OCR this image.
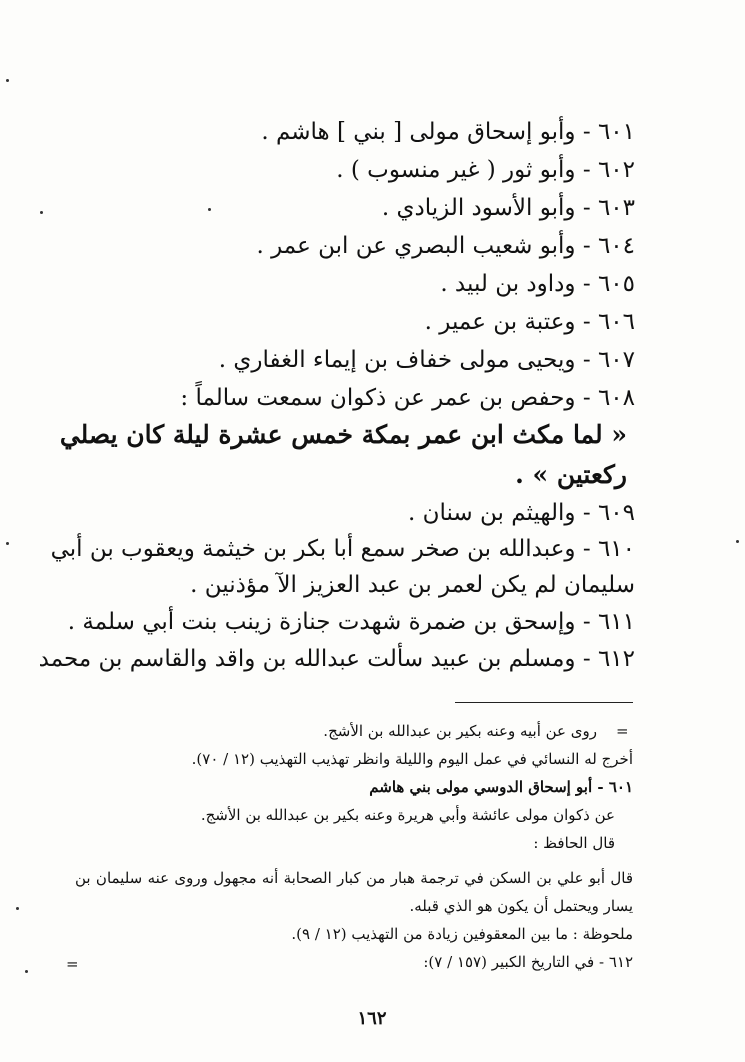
٦٠١ - وأبو إسحاق مولى [ بني ] هاشم .
٦٠٢ - وأبو ثور ( غير منسوب ) .
٦٠٣ - وأبو الأسود الزيادي .
٦٠٤ - وأبو شعيب البصري عن ابن عمر .
٦٠٥ - وداود بن لبيد .
٦٠٦ - وعتبة بن عمير .
٦٠٧ - ويحيى مولى خفاف بن إيماء الغفاري .
٦٠٨ - وحفص بن عمر عن ذكوان سمعت سالماً :
« لما مكث ابن عمر بمكة خمس عشرة ليلة كان يصلي
ركعتين » .
٦٠٩ - والهيثم بن سنان .
٦١٠ - وعبدالله بن صخر سمع أبا بكر بن خيثمة ويعقوب بن أبي
سليمان لم يكن لعمر بن عبد العزيز الآ مؤذنين .
٦١١ - وإسحق بن ضمرة شهدت جنازة زينب بنت أبي سلمة .
٦١٢ - ومسلم بن عبيد سألت عبدالله بن واقد والقاسم بن محمد
=
روى عن أبيه وعنه بكير بن عبدالله بن الأشج.
أخرج له النسائي في عمل اليوم والليلة وانظر تهذيب التهذيب (١٢ / ٧٠).
٦٠١ - أبو إسحاق الدوسي مولى بني هاشم
عن ذكوان مولى عائشة وأبي هريرة وعنه بكير بن عبدالله بن الأشج.
قال الحافظ :
قال أبو علي بن السكن في ترجمة هبار من كبار الصحابة أنه مجهول وروى عنه سليمان بن
يسار ويحتمل أن يكون هو الذي قبله.
ملحوظة : ما بين المعقوفين زيادة من التهذيب (١٢ / ٩).
٦١٢ - في التاريخ الكبير (١٥٧ / ٧):
=
١٦٢
